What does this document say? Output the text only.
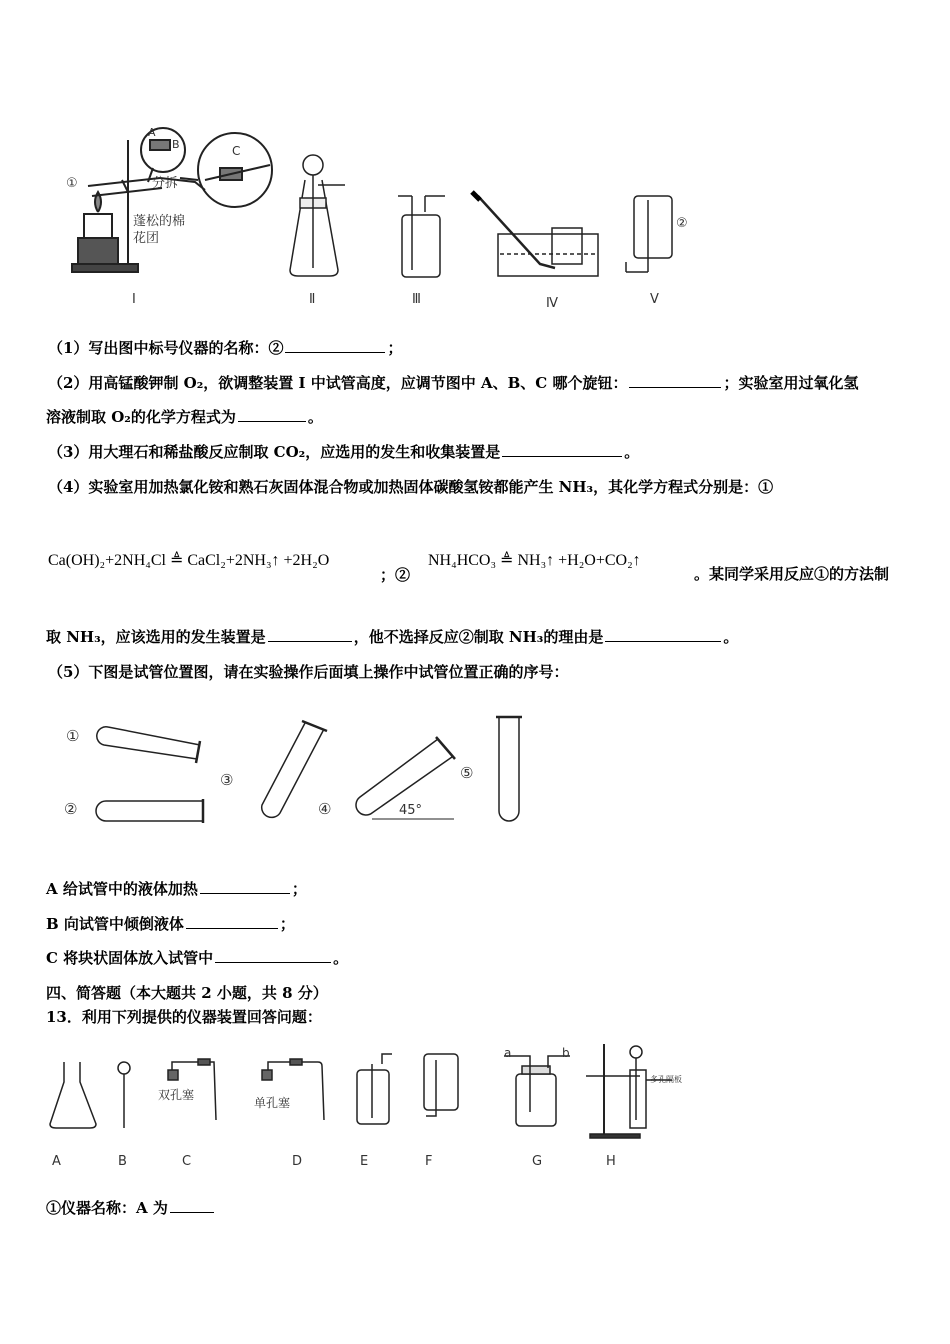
①
A
B	C
分拆
蓬松的棉花团
②
Ⅰ	Ⅱ	Ⅲ	Ⅳ	Ⅴ
（1）写出图中标号仪器的名称：②	；
（2）用高锰酸钾制 O₂，欲调整装置 I 中试管高度，应调节图中 A、B、C 哪个旋钮：	；实验室用过氧化氢
溶液制取 O₂的化学方程式为	。
（3）用大理石和稀盐酸反应制取 CO₂，应选用的发生和收集装置是	。
（4）实验室用加热氯化铵和熟石灰固体混合物或加热固体碳酸氢铵都能产生 NH₃，其化学方程式分别是：①
Ca(OH)₂+2NH₄Cl ≜ CaCl₂+2NH₃↑ +2H₂O
；②
NH₄HCO₃ ≜ NH₃↑ +H₂O+CO₂↑
。某同学采用反应①的方法制
取 NH₃，应该选用的发生装置是	，他不选择反应②制取 NH₃的理由是	。
（5）下图是试管位置图，请在实验操作后面填上操作中试管位置正确的序号：
①
②
③
④
⑤
45°
A 给试管中的液体加热	；
B 向试管中倾倒液体	；
C 将块状固体放入试管中	。
四、简答题（本大题共 2 小题，共 8 分）
13．利用下列提供的仪器装置回答问题：
A	B	C	D	E	F	G	H
双孔塞
单孔塞
a	b
多孔隔板
①仪器名称：A 为
